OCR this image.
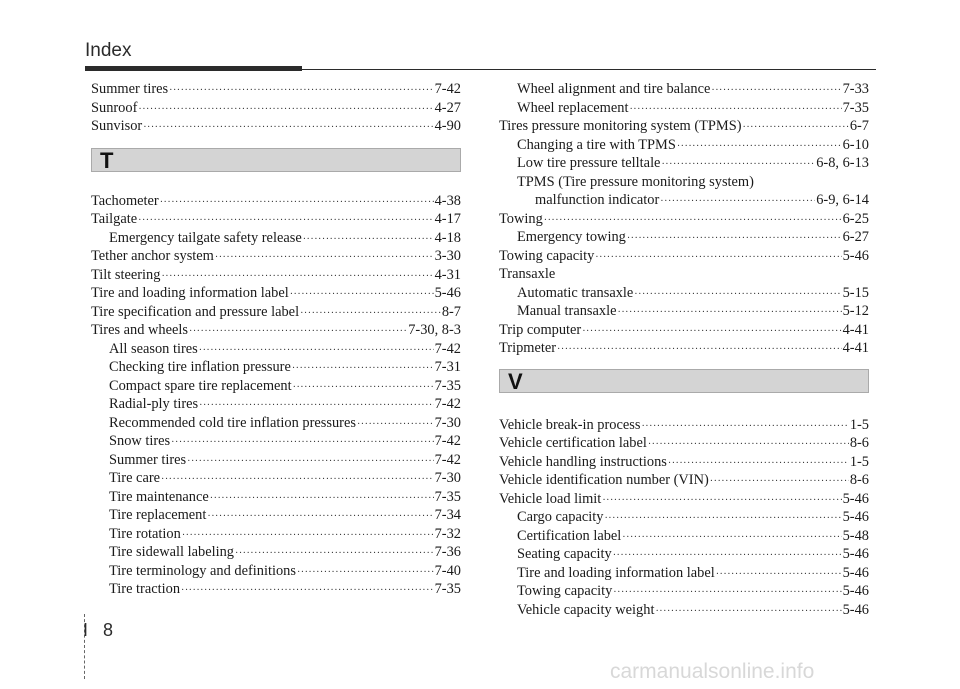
Index
Summer tires ·····	7-42
Sunroof ·····	4-27
Sunvisor ·····	4-90
T
Tachometer ·····	4-38
Tailgate ·····	4-17
Emergency tailgate safety release ·····	4-18
Tether anchor system ·····	3-30
Tilt steering ·····	4-31
Tire and loading information label ·····	5-46
Tire specification and pressure label ·····	8-7
Tires and wheels ·····	7-30, 8-3
All season tires ·····	7-42
Checking tire inflation pressure ·····	7-31
Compact spare tire replacement ·····	7-35
Radial-ply tires ·····	7-42
Recommended cold tire inflation pressures ·····	7-30
Snow tires ·····	7-42
Summer tires ·····	7-42
Tire care ·····	7-30
Tire maintenance ·····	7-35
Tire replacement ·····	7-34
Tire rotation ·····	7-32
Tire sidewall labeling ·····	7-36
Tire terminology and definitions ·····	7-40
Tire traction ·····	7-35
Wheel alignment and tire balance ·····	7-33
Wheel replacement ·····	7-35
Tires pressure monitoring system (TPMS) ·····	6-7
Changing a tire with TPMS ·····	6-10
Low tire pressure telltale ·····	6-8, 6-13
TPMS (Tire pressure monitoring system)
malfunction indicator ·····	6-9, 6-14
Towing ·····	6-25
Emergency towing ·····	6-27
Towing capacity ·····	5-46
Transaxle
Automatic transaxle ·····	5-15
Manual transaxle ·····	5-12
Trip computer ·····	4-41
Tripmeter ·····	4-41
V
Vehicle break-in process ·····	1-5
Vehicle certification label ·····	8-6
Vehicle handling instructions ·····	1-5
Vehicle identification number (VIN) ·····	8-6
Vehicle load limit ·····	5-46
Cargo capacity ·····	5-46
Certification label ·····	5-48
Seating capacity ·····	5-46
Tire and loading information label ·····	5-46
Towing capacity ·····	5-46
Vehicle capacity weight ·····	5-46
I 8
carmanualsonline.info
